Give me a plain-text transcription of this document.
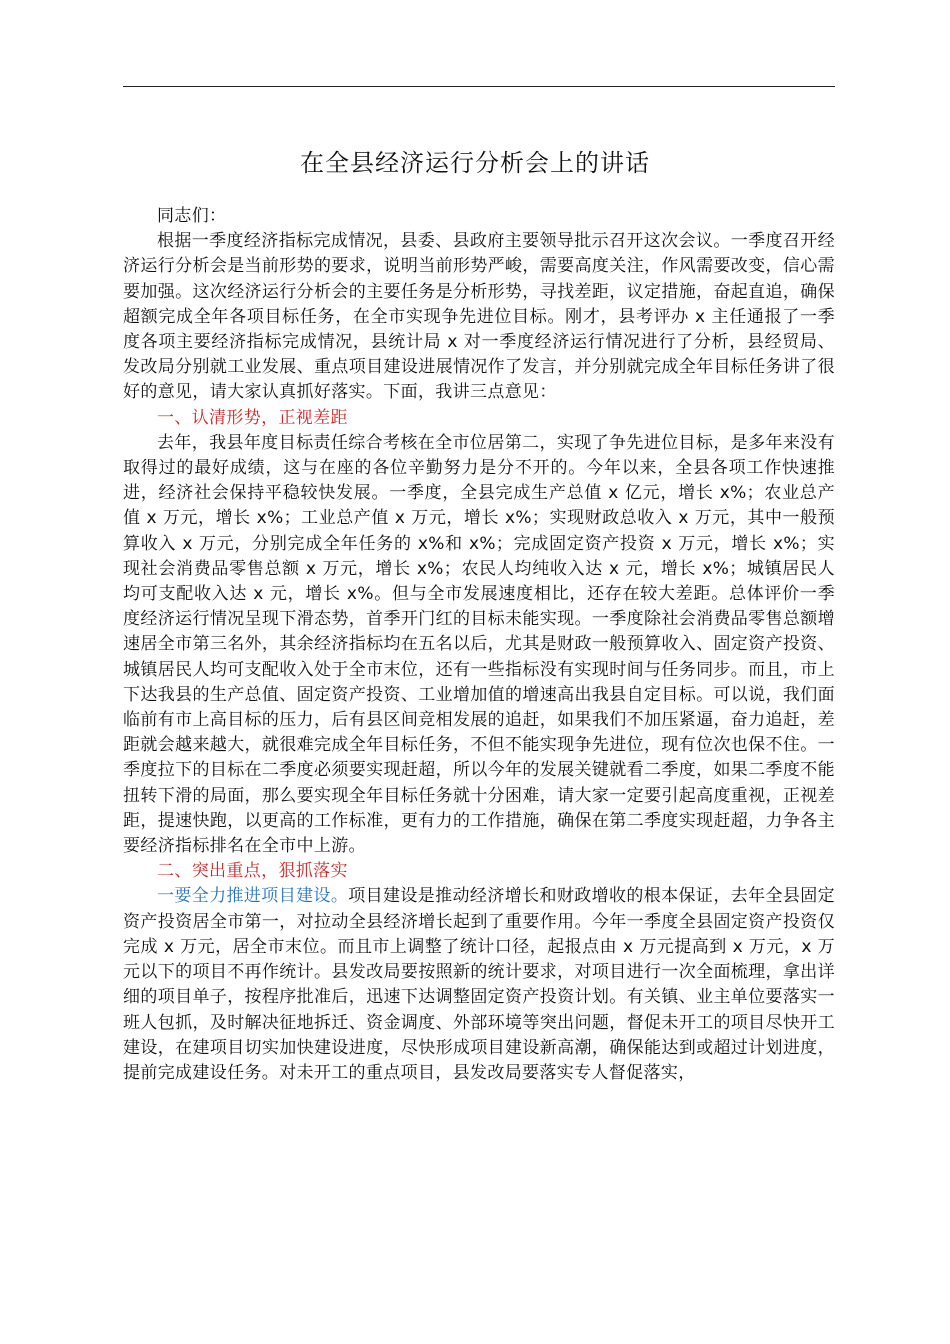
在全县经济运行分析会上的讲话

同志们：

根据一季度经济指标完成情况，县委、县政府主要领导批示召开这次会议。一季度召开经济运行分析会是当前形势的要求，说明当前形势严峻，需要高度关注，作风需要改变，信心需要加强。这次经济运行分析会的主要任务是分析形势，寻找差距，议定措施，奋起直追，确保超额完成全年各项目标任务，在全市实现争先进位目标。刚才，县考评办 x 主任通报了一季度各项主要经济指标完成情况，县统计局 x 对一季度经济运行情况进行了分析，县经贸局、发改局分别就工业发展、重点项目建设进展情况作了发言，并分别就完成全年目标任务讲了很好的意见，请大家认真抓好落实。下面，我讲三点意见：

一、认清形势，正视差距

去年，我县年度目标责任综合考核在全市位居第二，实现了争先进位目标，是多年来没有取得过的最好成绩，这与在座的各位辛勤努力是分不开的。今年以来，全县各项工作快速推进，经济社会保持平稳较快发展。一季度，全县完成生产总值 x 亿元，增长 x%；农业总产值 x 万元，增长 x%；工业总产值 x 万元，增长 x%；实现财政总收入 x 万元，其中一般预算收入 x 万元，分别完成全年任务的 x%和 x%；完成固定资产投资 x 万元，增长 x%；实现社会消费品零售总额 x 万元，增长 x%；农民人均纯收入达 x 元，增长 x%；城镇居民人均可支配收入达 x 元，增长 x%。但与全市发展速度相比，还存在较大差距。总体评价一季度经济运行情况呈现下滑态势，首季开门红的目标未能实现。一季度除社会消费品零售总额增速居全市第三名外，其余经济指标均在五名以后，尤其是财政一般预算收入、固定资产投资、城镇居民人均可支配收入处于全市末位，还有一些指标没有实现时间与任务同步。而且，市上下达我县的生产总值、固定资产投资、工业增加值的增速高出我县自定目标。可以说，我们面临前有市上高目标的压力，后有县区间竞相发展的追赶，如果我们不加压紧逼，奋力追赶，差距就会越来越大，就很难完成全年目标任务，不但不能实现争先进位，现有位次也保不住。一季度拉下的目标在二季度必须要实现赶超，所以今年的发展关键就看二季度，如果二季度不能扭转下滑的局面，那么要实现全年目标任务就十分困难，请大家一定要引起高度重视，正视差距，提速快跑，以更高的工作标准，更有力的工作措施，确保在第二季度实现赶超，力争各主要经济指标排名在全市中上游。

二、突出重点，狠抓落实

一要全力推进项目建设。项目建设是推动经济增长和财政增收的根本保证，去年全县固定资产投资居全市第一，对拉动全县经济增长起到了重要作用。今年一季度全县固定资产投资仅完成 x 万元，居全市末位。而且市上调整了统计口径，起报点由 x 万元提高到 x 万元，x 万元以下的项目不再作统计。县发改局要按照新的统计要求，对项目进行一次全面梳理，拿出详细的项目单子，按程序批准后，迅速下达调整固定资产投资计划。有关镇、业主单位要落实一班人包抓，及时解决征地拆迁、资金调度、外部环境等突出问题，督促未开工的项目尽快开工建设，在建项目切实加快建设进度，尽快形成项目建设新高潮，确保能达到或超过计划进度，提前完成建设任务。对未开工的重点项目，县发改局要落实专人督促落实，
